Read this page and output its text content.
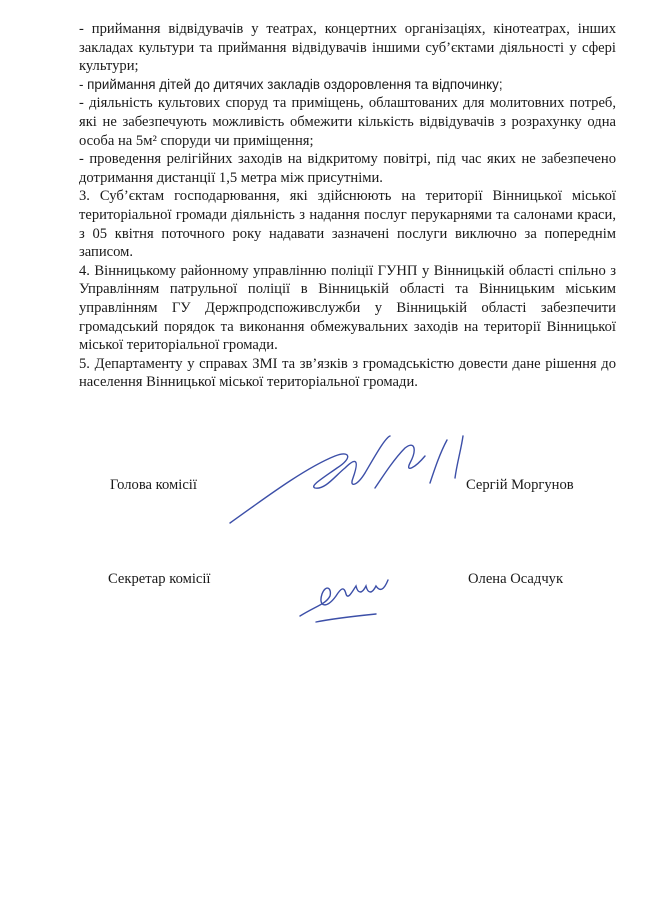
- приймання відвідувачів у театрах, концертних організаціях, кінотеатрах, інших закладах культури та приймання відвідувачів іншими суб’єктами діяльності у сфері культури;

- приймання дітей до дитячих закладів оздоровлення та відпочинку;

- діяльність культових споруд та приміщень, облаштованих для молитовних потреб, які не забезпечують можливість обмежити кількість відвідувачів з розрахунку одна особа на 5м² споруди чи приміщення;

- проведення релігійних заходів на відкритому повітрі, під час яких не забезпечено дотримання дистанції 1,5 метра між присутніми.

3. Суб’єктам господарювання, які здійснюють на території Вінницької міської територіальної громади діяльність з надання послуг перукарнями та салонами краси, з 05 квітня поточного року надавати зазначені послуги виключно за попереднім записом.

4. Вінницькому районному управлінню поліції ГУНП у Вінницькій області спільно з Управлінням патрульної поліції в Вінницькій області та Вінницьким міським управлінням ГУ Держпродспоживслужби у Вінницькій області забезпечити громадський порядок та виконання обмежувальних заходів на території Вінницької міської територіальної громади.

5. Департаменту у справах ЗМІ та зв’язків з громадськістю довести дане рішення до населення Вінницької міської територіальної громади.

Голова комісії	Сергій Моргунов
Секретар комісії	Олена Осадчук
